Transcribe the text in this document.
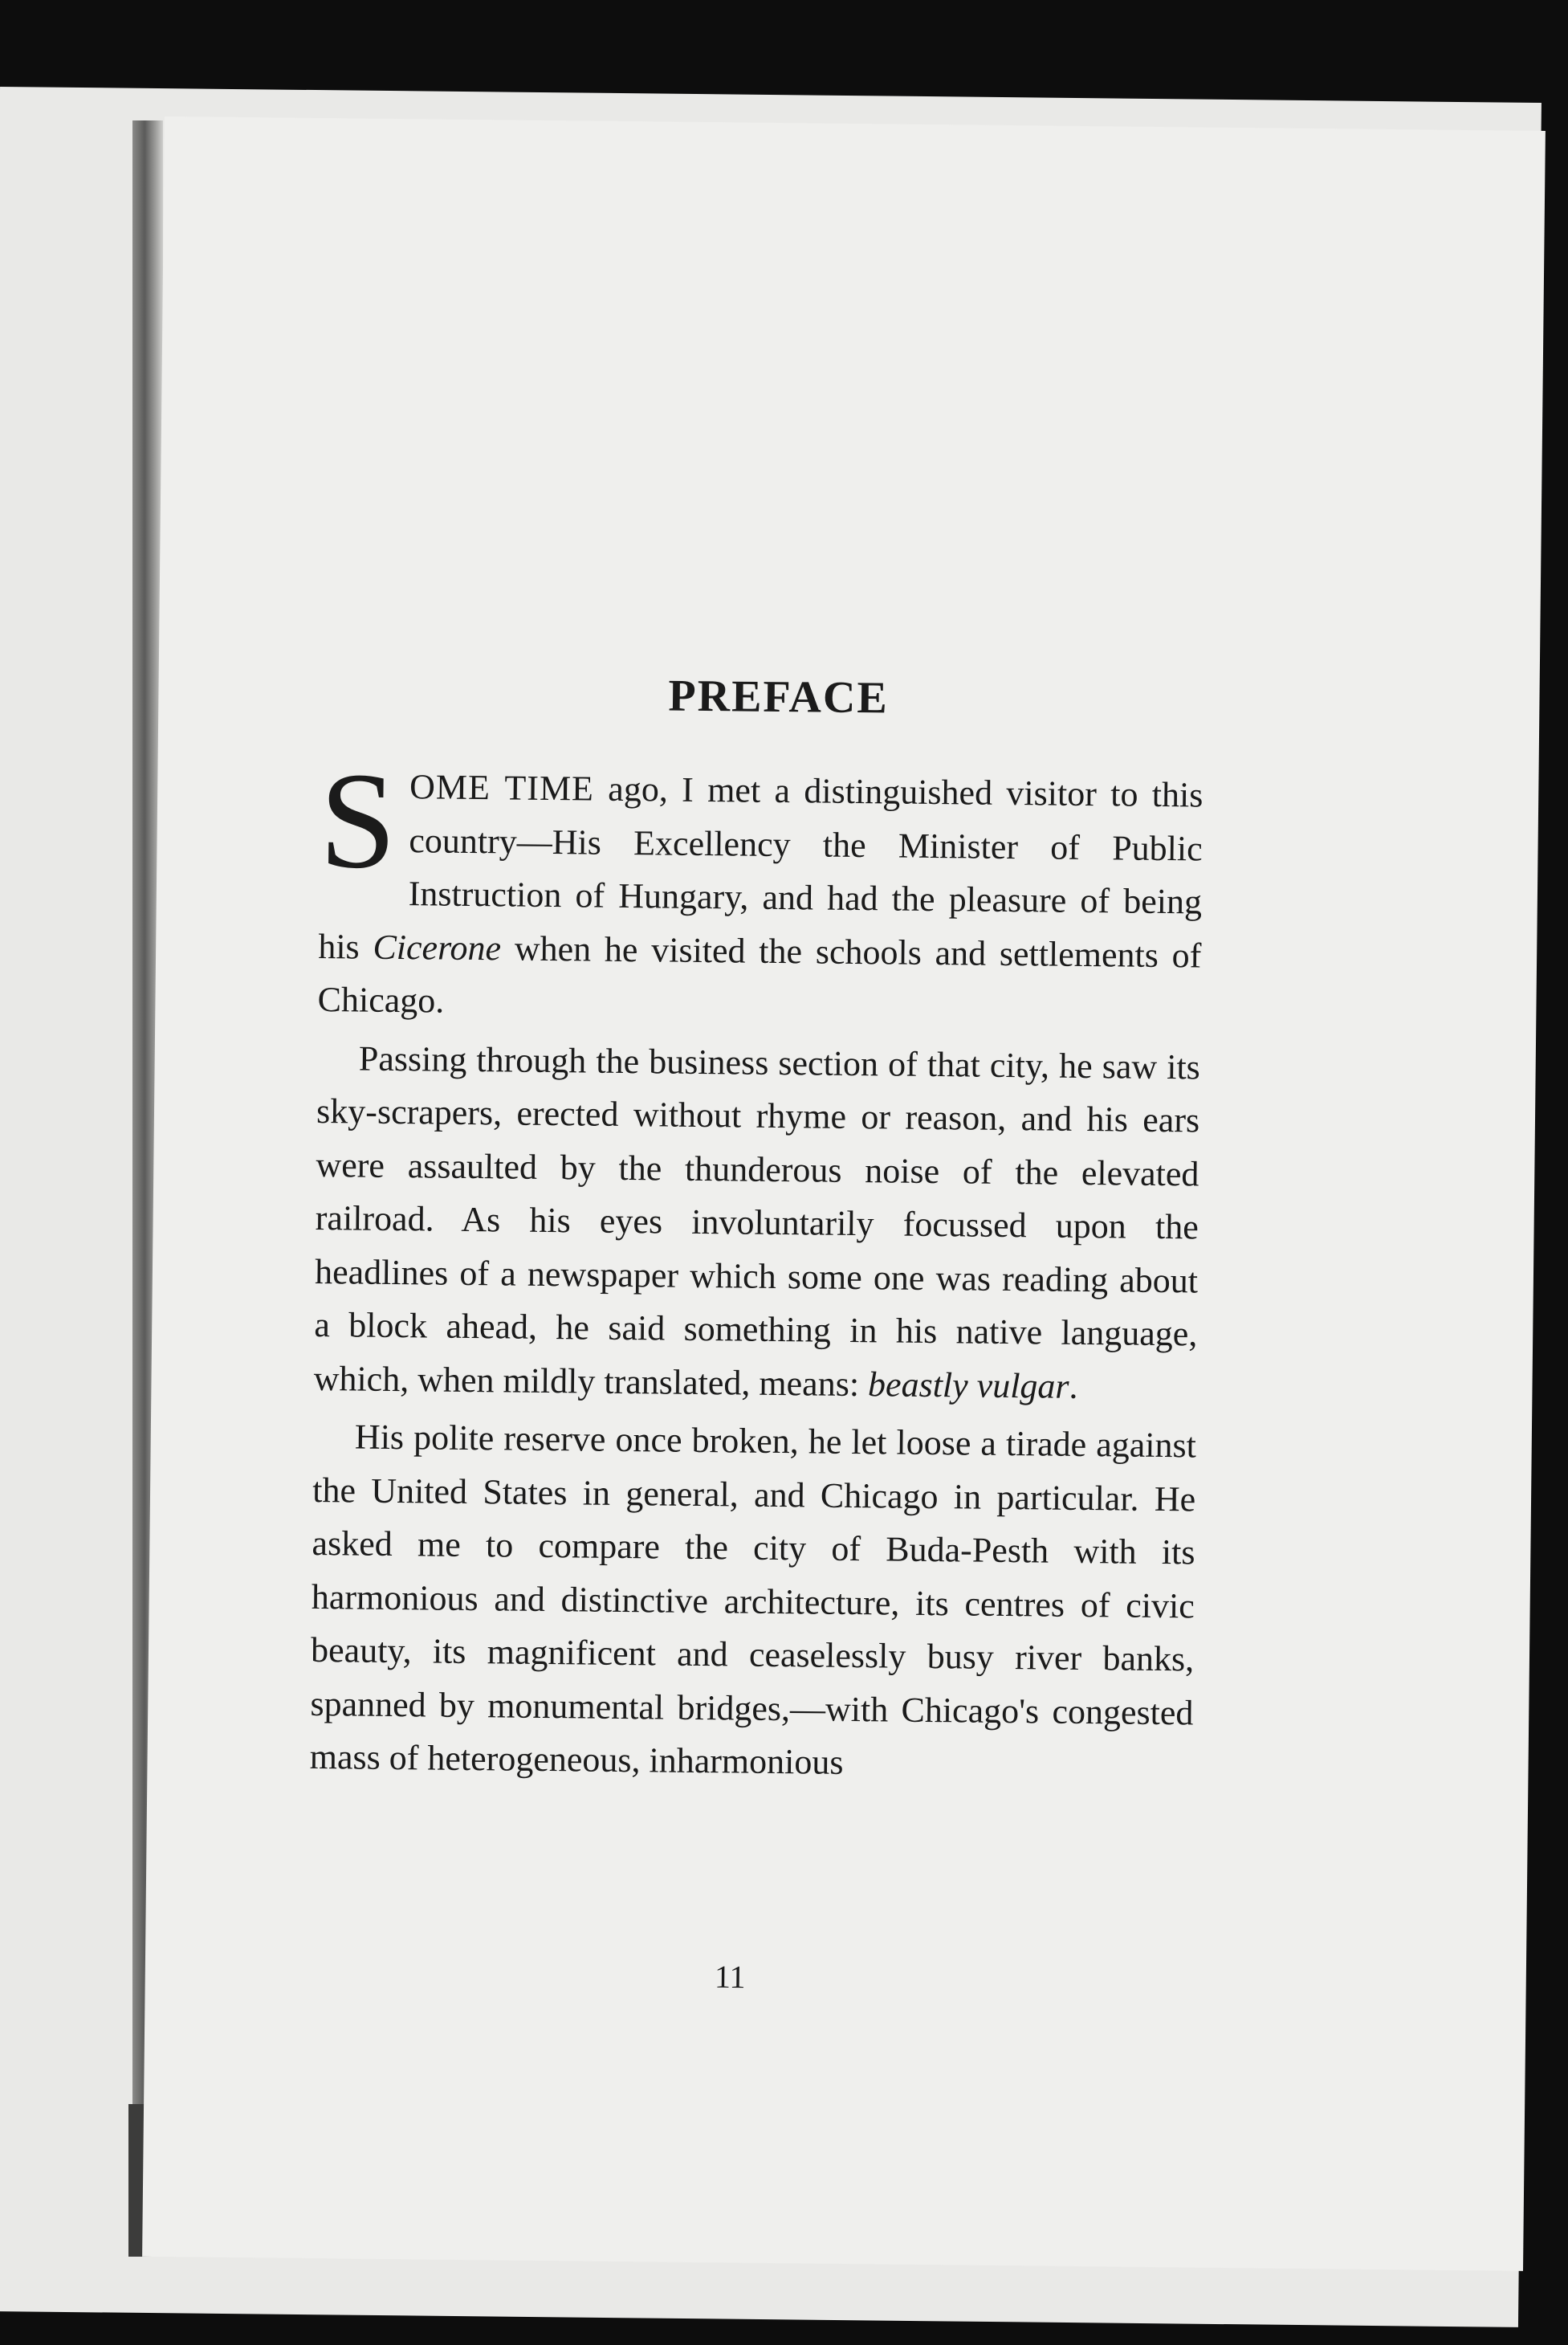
PREFACE

SOME TIME ago, I met a distinguished visitor to this country—His Excellency the Minister of Public Instruction of Hungary, and had the pleasure of being his Cicerone when he visited the schools and settlements of Chicago.

Passing through the business section of that city, he saw its sky-scrapers, erected without rhyme or reason, and his ears were assaulted by the thunderous noise of the elevated railroad. As his eyes involuntarily focussed upon the headlines of a newspaper which some one was reading about a block ahead, he said something in his native language, which, when mildly translated, means: beastly vulgar.

His polite reserve once broken, he let loose a tirade against the United States in general, and Chicago in particular. He asked me to compare the city of Buda-Pesth with its harmonious and distinctive architecture, its centres of civic beauty, its magnificent and ceaselessly busy river banks, spanned by monumental bridges,—with Chicago's congested mass of heterogeneous, inharmonious

11
